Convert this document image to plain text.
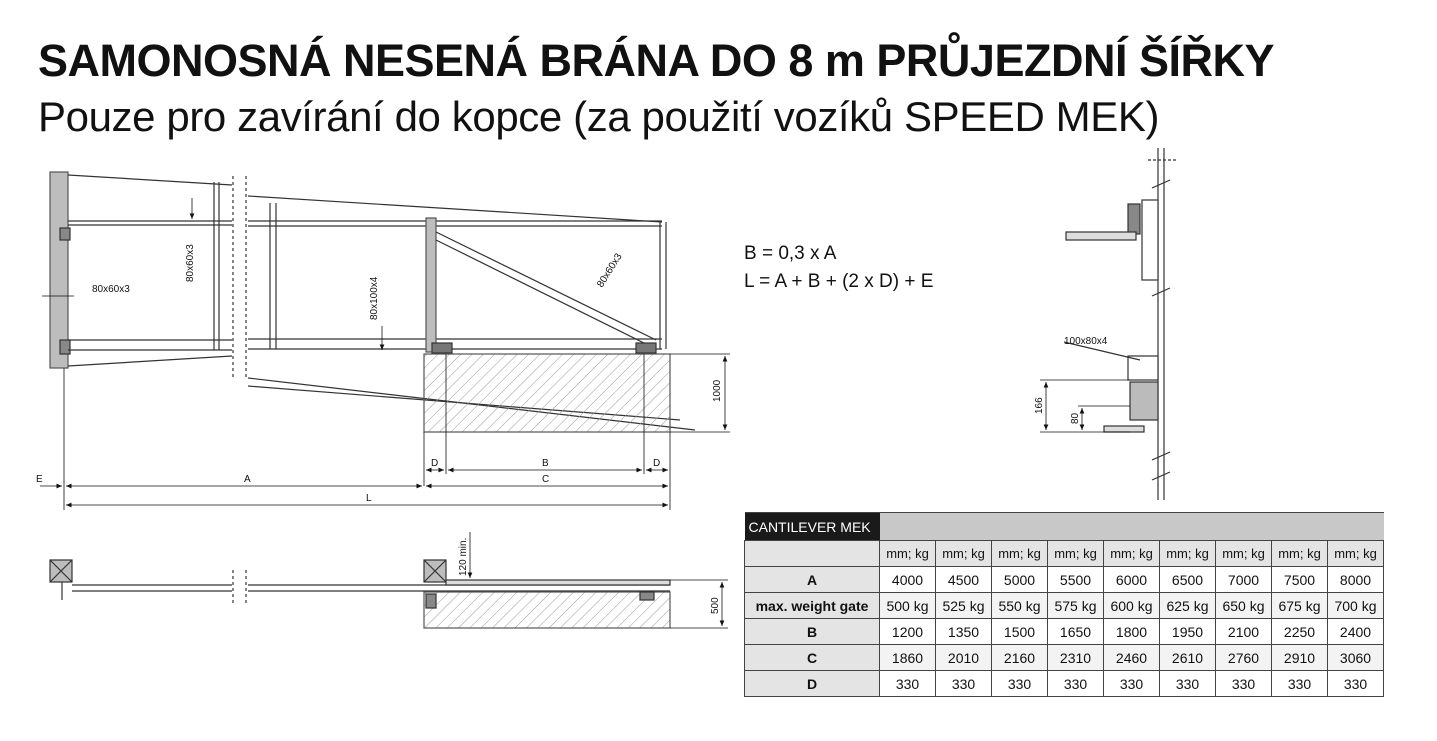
SAMONOSNÁ NESENÁ BRÁNA DO 8 m PRŮJEZDNÍ ŠÍŘKY
Pouze pro zavírání do kopce (za použití vozíků SPEED MEK)
B = 0,3 x A
L = A + B + (2 x D) + E
80x60x3
80x60x3
80x100x4
80x60x3
1000
E	A
L
D	B	D
C
120 min.
500
100x80x4
166
80
CANTILEVER MEK									
	mm; kg	mm; kg	mm; kg	mm; kg	mm; kg	mm; kg	mm; kg	mm; kg	mm; kg
A	4000	4500	5000	5500	6000	6500	7000	7500	8000
max. weight gate	500 kg	525 kg	550 kg	575 kg	600 kg	625 kg	650 kg	675 kg	700 kg
B	1200	1350	1500	1650	1800	1950	2100	2250	2400
C	1860	2010	2160	2310	2460	2610	2760	2910	3060
D	330	330	330	330	330	330	330	330	330
